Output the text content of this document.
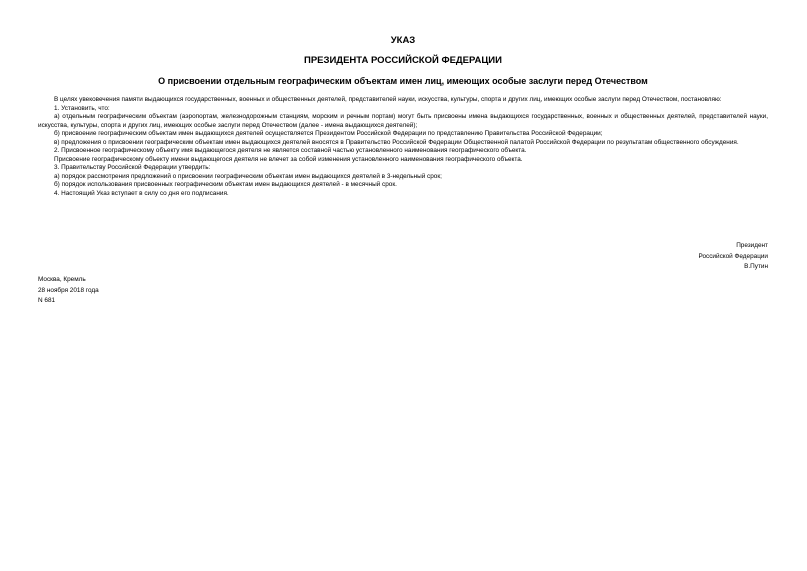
УКАЗ
ПРЕЗИДЕНТА РОССИЙСКОЙ ФЕДЕРАЦИИ
О присвоении отдельным географическим объектам имен лиц, имеющих особые заслуги перед Отечеством

В целях увековечения памяти выдающихся государственных, военных и общественных деятелей, представителей науки, искусства, культуры, спорта и других лиц, имеющих особые заслуги перед Отечеством, постановляю:

1. Установить, что:

а) отдельным географическим объектам (аэропортам, железнодорожным станциям, морским и речным портам) могут быть присвоены имена выдающихся государственных, военных и общественных деятелей, представителей науки, искусства, культуры, спорта и других лиц, имеющих особые заслуги перед Отечеством (далее - имена выдающихся деятелей);

б) присвоение географическим объектам имен выдающихся деятелей осуществляется Президентом Российской Федерации по представлению Правительства Российской Федерации;

в) предложения о присвоении географическим объектам имен выдающихся деятелей вносятся в Правительство Российской Федерации Общественной палатой Российской Федерации по результатам общественного обсуждения.

2. Присвоенное географическому объекту имя выдающегося деятеля не является составной частью установленного наименования географического объекта.

Присвоение географическому объекту имени выдающегося деятеля не влечет за собой изменения установленного наименования географического объекта.

3. Правительству Российской Федерации утвердить:

а) порядок рассмотрения предложений о присвоении географическим объектам имен выдающихся деятелей в 3-недельный срок;

б) порядок использования присвоенных географическим объектам имен выдающихся деятелей - в месячный срок.

4. Настоящий Указ вступает в силу со дня его подписания.

Президент
Российской Федерации
В.Путин
Москва, Кремль
28 ноября 2018 года
N 681
